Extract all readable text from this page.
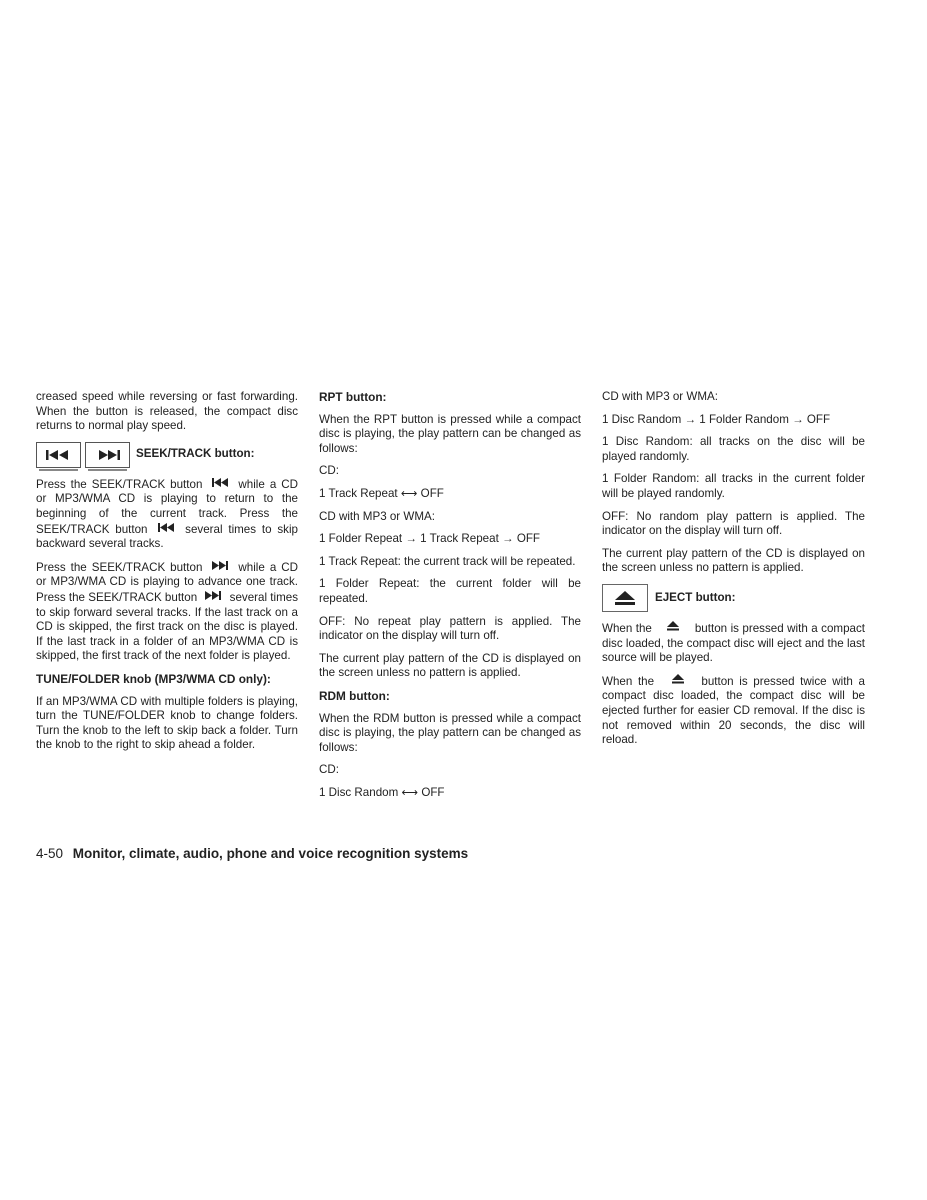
creased speed while reversing or fast forwarding. When the button is released, the compact disc returns to normal play speed.

SEEK/TRACK button:

Press the SEEK/TRACK button	while a CD or MP3/WMA CD is playing to return to the beginning of the current track. Press the SEEK/TRACK button	several times to skip backward several tracks.

Press the SEEK/TRACK button	while a CD or MP3/WMA CD is playing to advance one track. Press the SEEK/TRACK button	several times to skip forward several tracks. If the last track on a CD is skipped, the first track on the disc is played. If the last track in a folder of an MP3/WMA CD is skipped, the first track of the next folder is played.

TUNE/FOLDER knob (MP3/WMA CD only):

If an MP3/WMA CD with multiple folders is playing, turn the TUNE/FOLDER knob to change folders. Turn the knob to the left to skip back a folder. Turn the knob to the right to skip ahead a folder.

RPT button:

When the RPT button is pressed while a compact disc is playing, the play pattern can be changed as follows:

CD:

1 Track Repeat ⟷ OFF

CD with MP3 or WMA:

1 Folder Repeat → 1 Track Repeat → OFF

1 Track Repeat: the current track will be repeated.

1 Folder Repeat: the current folder will be repeated.

OFF: No repeat play pattern is applied. The indicator on the display will turn off.

The current play pattern of the CD is displayed on the screen unless no pattern is applied.

RDM button:

When the RDM button is pressed while a compact disc is playing, the play pattern can be changed as follows:

CD:

1 Disc Random ⟷ OFF

CD with MP3 or WMA:

1 Disc Random → 1 Folder Random → OFF

1 Disc Random: all tracks on the disc will be played randomly.

1 Folder Random: all tracks in the current folder will be played randomly.

OFF: No random play pattern is applied. The indicator on the display will turn off.

The current play pattern of the CD is displayed on the screen unless no pattern is applied.

EJECT button:

When the	button is pressed with a compact disc loaded, the compact disc will eject and the last source will be played.

When the	button is pressed twice with a compact disc loaded, the compact disc will be ejected further for easier CD removal. If the disc is not removed within 20 seconds, the disc will reload.

4-50 Monitor, climate, audio, phone and voice recognition systems
